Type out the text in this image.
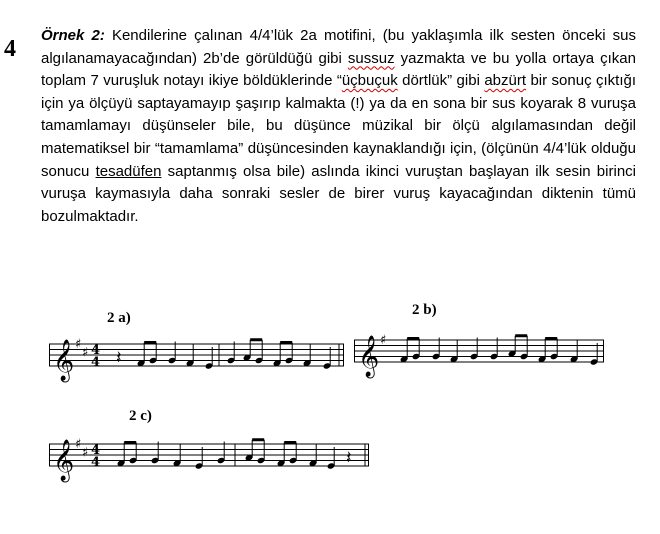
4

Örnek 2: Kendilerine çalınan 4/4’lük 2a motifini, (bu yaklaşımla ilk sesten önceki sus algılanamayacağından) 2b’de görüldüğü gibi sussuz yazmakta ve bu yolla ortaya çıkan toplam 7 vuruşluk notayı ikiye böldüklerinde “üçbuçuk dörtlük” gibi abzürt bir sonuç çıktığı için ya ölçüyü saptayamayıp şaşırıp kalmakta (!) ya da en sona bir sus koyarak 8 vuruşa tamamlamayı düşünseler bile, bu düşünce müzikal bir ölçü algılamasından değil matematiksel bir “tamamlama” düşüncesinden kaynaklandığı için, (ölçünün 4/4’lük olduğu sonucu tesadüfen saptanmış olsa bile) aslında ikinci vuruştan başlayan ilk sesin birinci vuruşa kaymasıyla daha sonraki sesler de birer vuruş kayacağından diktenin tümü bozulmaktadır.

2 a)	2 b)
2 c)
𝄞 ♯
♯ 4
4 𝄽	𝄞 ♯
𝄞 ♯
♯ 4
4	𝄽
